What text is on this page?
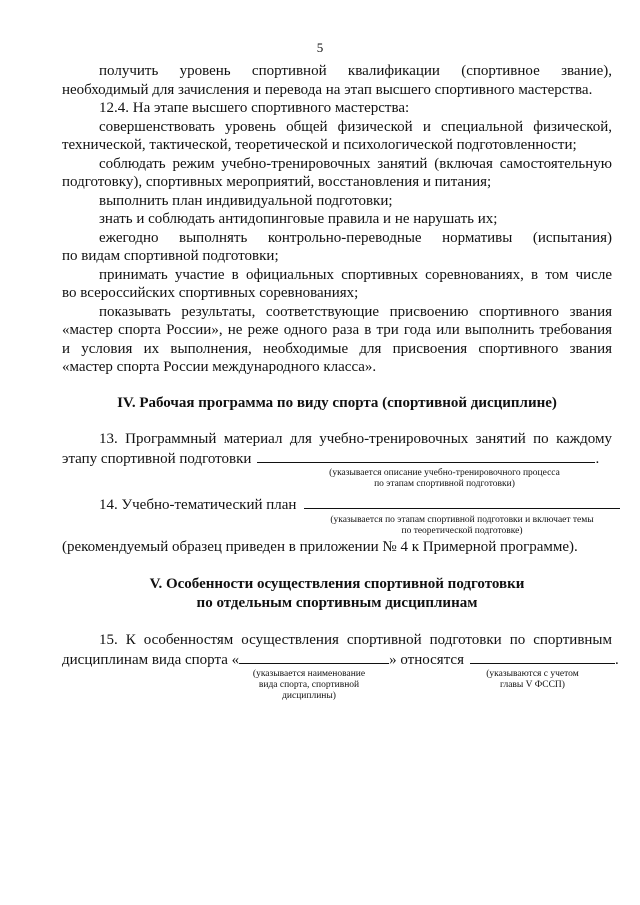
5

получить уровень спортивной квалификации (спортивное звание),

необходимый для зачисления и перевода на этап высшего спортивного мастерства.

12.4. На этапе высшего спортивного мастерства:

совершенствовать уровень общей физической и специальной физической,

технической, тактической, теоретической и психологической подготовленности;

соблюдать режим учебно-тренировочных занятий (включая самостоятельную

подготовку), спортивных мероприятий, восстановления и питания;

выполнить план индивидуальной подготовки;

знать и соблюдать антидопинговые правила и не нарушать их;

ежегодно выполнять контрольно-переводные нормативы (испытания)

по видам спортивной подготовки;

принимать участие в официальных спортивных соревнованиях, в том числе

во всероссийских спортивных соревнованиях;

показывать результаты, соответствующие присвоению спортивного звания

«мастер спорта России», не реже одного раза в три года или выполнить требования

и условия их выполнения, необходимые для присвоения спортивного звания

«мастер спорта России международного класса».

IV. Рабочая программа по виду спорта (спортивной дисциплине)

13. Программный материал для учебно-тренировочных занятий по каждому

этапу спортивной подготовки	.
(указывается описание учебно-тренировочного процесса
по этапам спортивной подготовки)
14. Учебно-тематический план
(указывается по этапам спортивной подготовки и включает темы
по теоретической подготовке)

(рекомендуемый образец приведен в приложении № 4 к Примерной программе).

V. Особенности осуществления спортивной подготовки
по отдельным спортивным дисциплинам

15. К особенностям осуществления спортивной подготовки по спортивным

дисциплинам вида спорта «	» относятся	.
(указывается наименование
вида спорта, спортивной
дисциплины)
(указываются с учетом
главы V ФССП)
